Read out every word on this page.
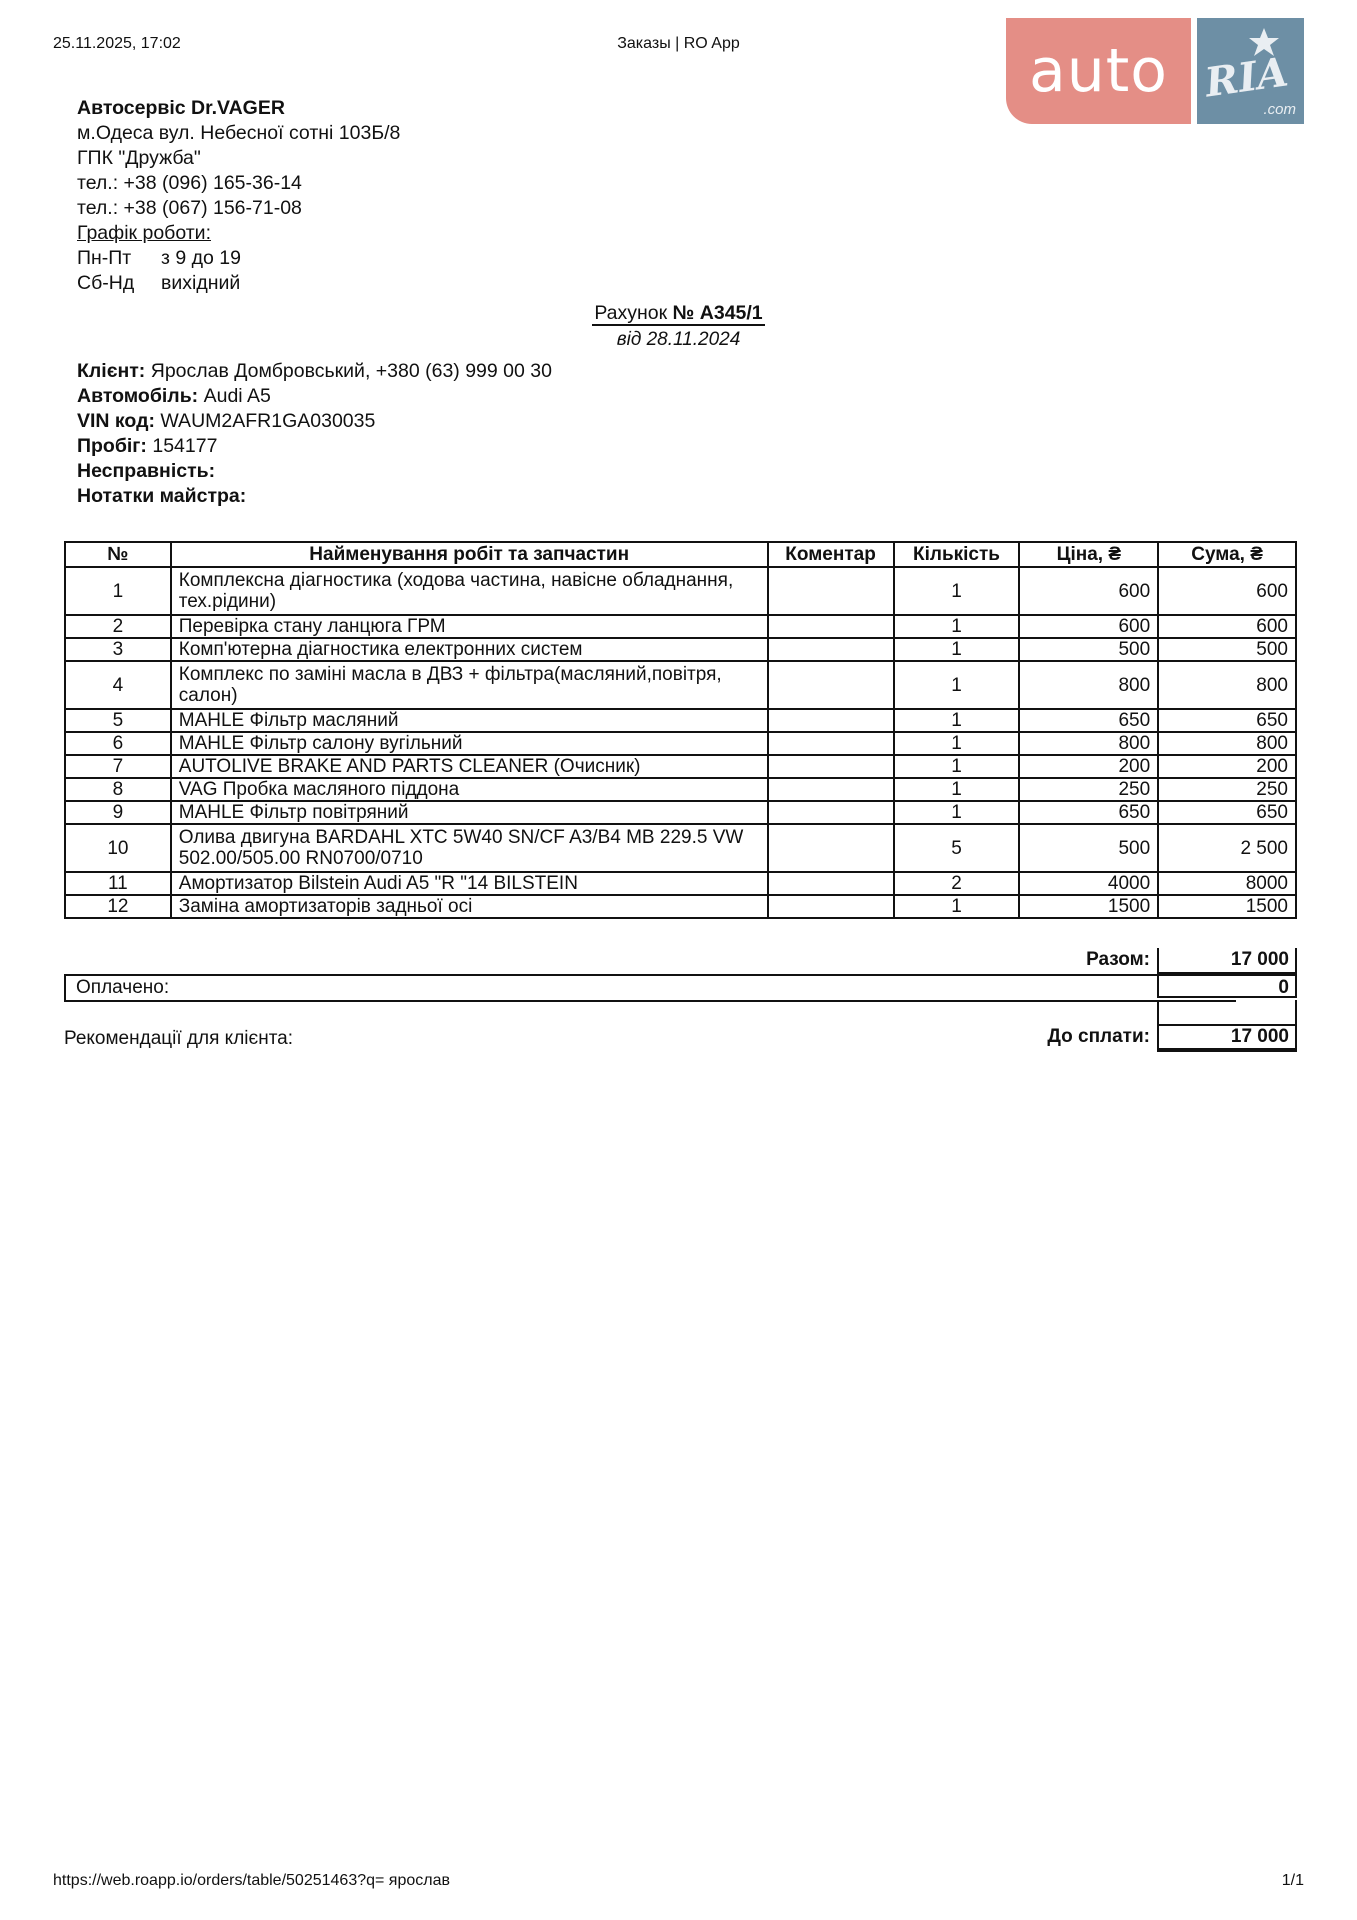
25.11.2025, 17:02	Заказы | RO App	auto RIA
.com
Автосервіс Dr.VAGER
м.Одеса вул. Небесної сотні 103Б/8
ГПК "Дружба"
тел.: +38 (096) 165-36-14
тел.: +38 (067) 156-71-08
Графік роботи:
Пн-Пт	з 9 до 19
Сб-Нд	вихідний
Рахунок № А345/1
від 28.11.2024
Клієнт: Ярослав Домбровський, +380 (63) 999 00 30
Автомобіль: Audi A5
VIN код: WAUM2AFR1GA030035
Пробіг: 154177
Несправність:
Нотатки майстра:
№	Найменування робіт та запчастин	Коментар	Кількість	Ціна, ₴	Сума, ₴
1	Комплексна діагностика (ходова частина, навісне обладнання, тех.рідини)		1	600	600
2	Перевірка стану ланцюга ГРМ		1	600	600
3	Комп'ютерна діагностика електронних систем		1	500	500
4	Комплекс по заміні масла в ДВЗ + фільтра(масляний,повітря, салон)		1	800	800
5	MAHLE Фільтр масляний		1	650	650
6	MAHLE Фільтр салону вугільний		1	800	800
7	AUTOLIVE BRAKE AND PARTS CLEANER (Очисник)		1	200	200
8	VAG Пробка масляного піддона		1	250	250
9	MAHLE Фільтр повітряний		1	650	650
10	Олива двигуна BARDAHL XTC 5W40 SN/CF A3/B4 MB 229.5 VW 502.00/505.00 RN0700/0710		5	500	2 500
11	Амортизатор Bilstein Audi A5 "R "14 BILSTEIN		2	4000	8000
12	Заміна амортизаторів задньої осі		1	1500	1500
Разом:	17 000
Оплачено:	0
Рекомендації для клієнта:	До сплати:	17 000
https://web.roapp.io/orders/table/50251463?q= ярослав	1/1
